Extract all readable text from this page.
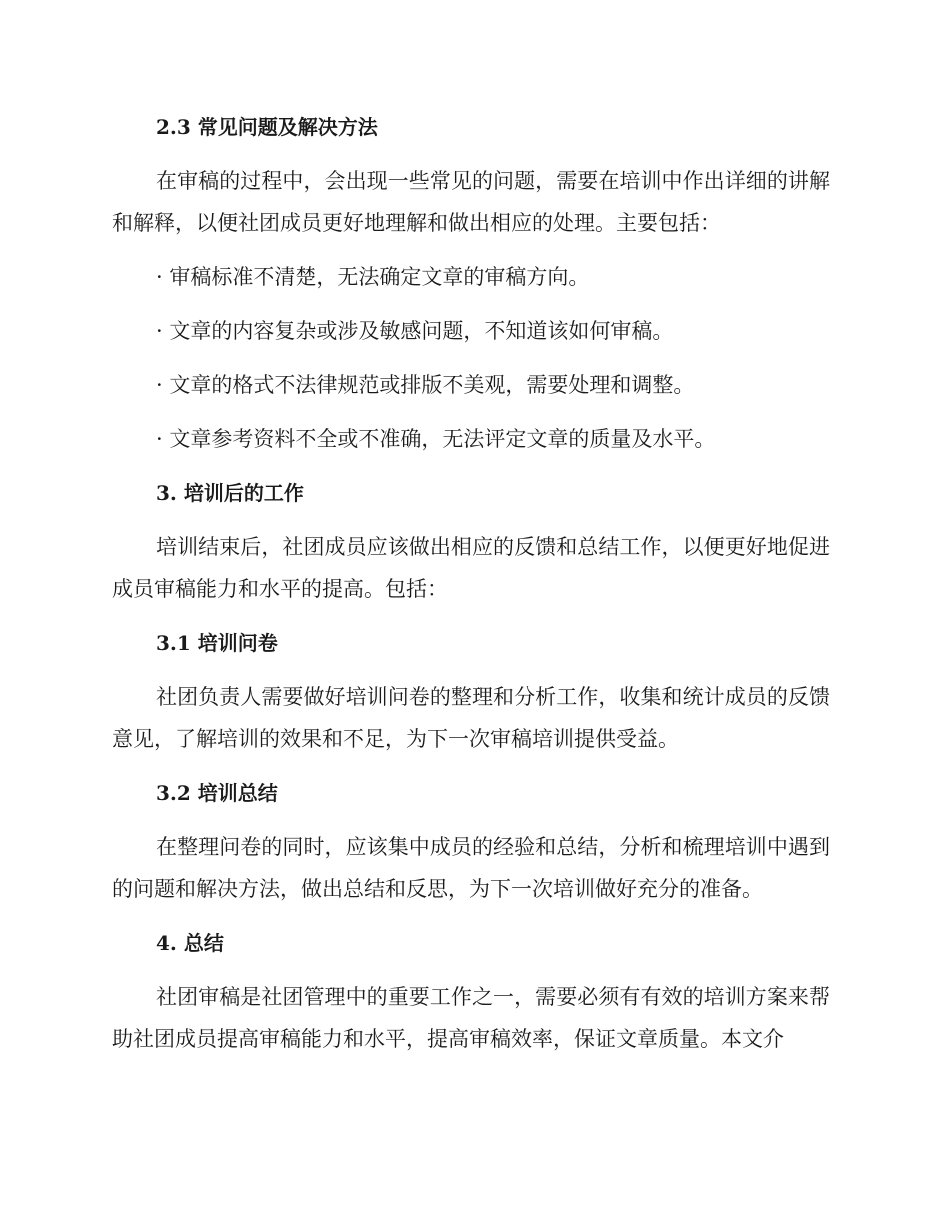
2.3 常见问题及解决方法

在审稿的过程中，会出现一些常见的问题，需要在培训中作出详细的讲解和解释，以便社团成员更好地理解和做出相应的处理。主要包括：

· 审稿标准不清楚，无法确定文章的审稿方向。
· 文章的内容复杂或涉及敏感问题，不知道该如何审稿。
· 文章的格式不法律规范或排版不美观，需要处理和调整。
· 文章参考资料不全或不准确，无法评定文章的质量及水平。
3. 培训后的工作

培训结束后，社团成员应该做出相应的反馈和总结工作，以便更好地促进成员审稿能力和水平的提高。包括：

3.1 培训问卷

社团负责人需要做好培训问卷的整理和分析工作，收集和统计成员的反馈意见，了解培训的效果和不足，为下一次审稿培训提供受益。

3.2 培训总结

在整理问卷的同时，应该集中成员的经验和总结，分析和梳理培训中遇到的问题和解决方法，做出总结和反思，为下一次培训做好充分的准备。

4. 总结

社团审稿是社团管理中的重要工作之一，需要必须有有效的培训方案来帮助社团成员提高审稿能力和水平，提高审稿效率，保证文章质量。本文介
